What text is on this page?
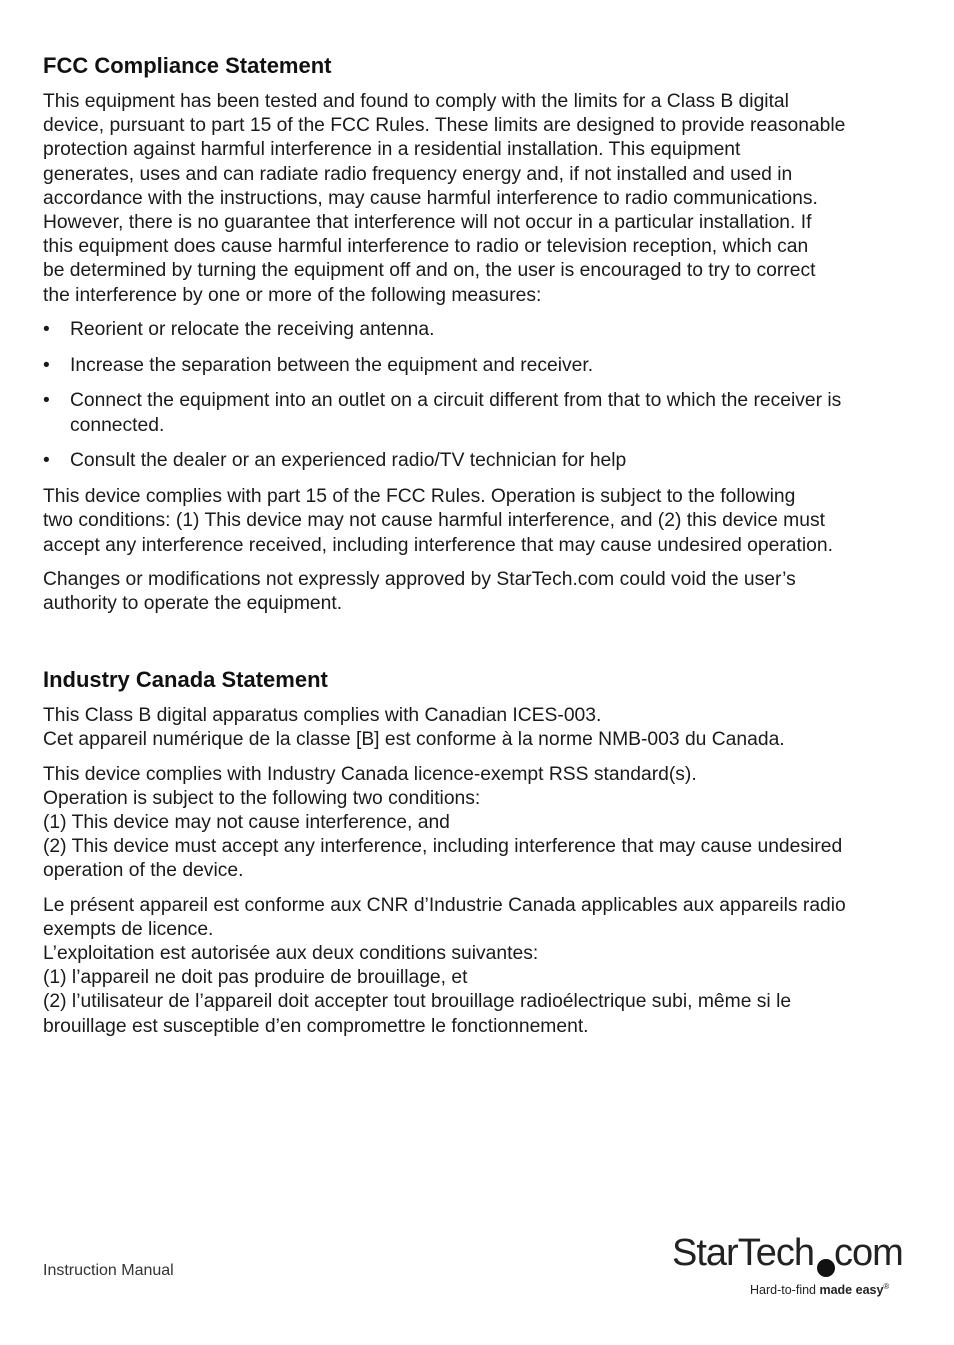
FCC Compliance Statement

This equipment has been tested and found to comply with the limits for a Class B digital
device, pursuant to part 15 of the FCC Rules. These limits are designed to provide reasonable
protection against harmful interference in a residential installation. This equipment
generates, uses and can radiate radio frequency energy and, if not installed and used in
accordance with the instructions, may cause harmful interference to radio communications.
However, there is no guarantee that interference will not occur in a particular installation. If
this equipment does cause harmful interference to radio or television reception, which can
be determined by turning the equipment off and on, the user is encouraged to try to correct
the interference by one or more of the following measures:

• Reorient or relocate the receiving antenna.
• Increase the separation between the equipment and receiver.
• Connect the equipment into an outlet on a circuit different from that to which the receiver is connected.
• Consult the dealer or an experienced radio/TV technician for help

This device complies with part 15 of the FCC Rules. Operation is subject to the following
two conditions: (1) This device may not cause harmful interference, and (2) this device must
accept any interference received, including interference that may cause undesired operation.

Changes or modifications not expressly approved by StarTech.com could void the user’s
authority to operate the equipment.

Industry Canada Statement

This Class B digital apparatus complies with Canadian ICES-003.
Cet appareil numérique de la classe [B] est conforme à la norme NMB-003 du Canada.

This device complies with Industry Canada licence-exempt RSS standard(s).
Operation is subject to the following two conditions:
(1) This device may not cause interference, and
(2) This device must accept any interference, including interference that may cause undesired
operation of the device.

Le présent appareil est conforme aux CNR d’Industrie Canada applicables aux appareils radio
exempts de licence.
L’exploitation est autorisée aux deux conditions suivantes:
(1) l’appareil ne doit pas produire de brouillage, et
(2) l’utilisateur de l’appareil doit accepter tout brouillage radioélectrique subi, même si le
brouillage est susceptible d’en compromettre le fonctionnement.

Instruction Manual	StarTech com
Hard-to-find made easy®
